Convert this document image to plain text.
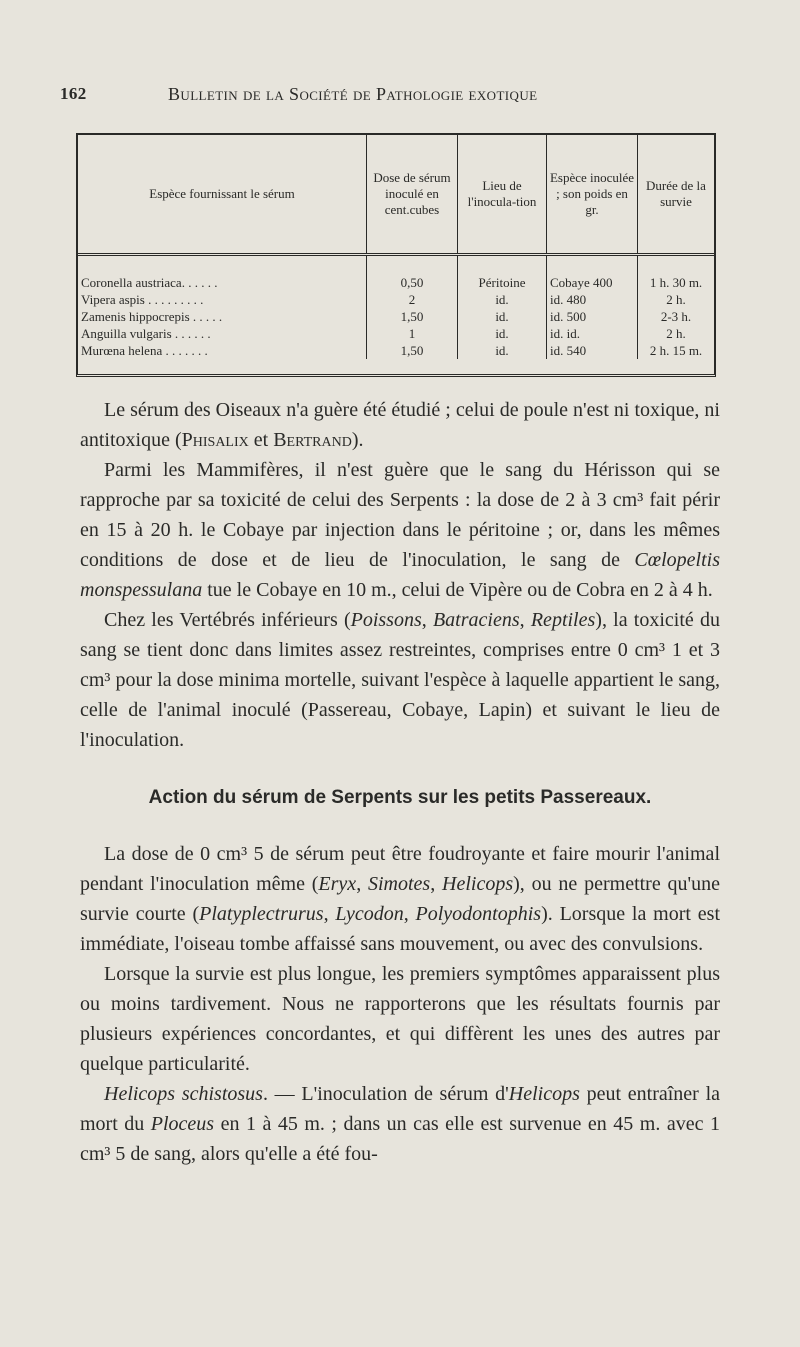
162	Bulletin de la Société de Pathologie exotique
Espèce fournissant le sérum	Dose de sérum inoculé en cent.cubes	Lieu de l'inocula-tion	Espèce inoculée ; son poids en gr.	Durée de la survie
Coronella austriaca. . . . . .	0,50	Péritoine	Cobaye 400	1 h. 30 m.
Vipera aspis . . . . . . . . .	2	id.	id. 480	2 h.
Zamenis hippocrepis . . . . .	1,50	id.	id. 500	2-3 h.
Anguilla vulgaris . . . . . .	1	id.	id. id.	2 h.
Murœna helena . . . . . . .	1,50	id.	id. 540	2 h. 15 m.

Le sérum des Oiseaux n'a guère été étudié ; celui de poule n'est ni toxique, ni antitoxique (Phisalix et Bertrand).

Parmi les Mammifères, il n'est guère que le sang du Hérisson qui se rapproche par sa toxicité de celui des Serpents : la dose de 2 à 3 cm³ fait périr en 15 à 20 h. le Cobaye par injection dans le péritoine ; or, dans les mêmes conditions de dose et de lieu de l'inoculation, le sang de Cœlopeltis monspessulana tue le Cobaye en 10 m., celui de Vipère ou de Cobra en 2 à 4 h.

Chez les Vertébrés inférieurs (Poissons, Batraciens, Reptiles), la toxicité du sang se tient donc dans limites assez restreintes, comprises entre 0 cm³ 1 et 3 cm³ pour la dose minima mortelle, suivant l'espèce à laquelle appartient le sang, celle de l'animal inoculé (Passereau, Cobaye, Lapin) et suivant le lieu de l'inoculation.

Action du sérum de Serpents sur les petits Passereaux.

La dose de 0 cm³ 5 de sérum peut être foudroyante et faire mourir l'animal pendant l'inoculation même (Eryx, Simotes, Helicops), ou ne permettre qu'une survie courte (Platyplectrurus, Lycodon, Polyodontophis). Lorsque la mort est immédiate, l'oiseau tombe affaissé sans mouvement, ou avec des convulsions.

Lorsque la survie est plus longue, les premiers symptômes apparaissent plus ou moins tardivement. Nous ne rapporterons que les résultats fournis par plusieurs expériences concordantes, et qui diffèrent les unes des autres par quelque particularité.

Helicops schistosus. — L'inoculation de sérum d'Helicops peut entraîner la mort du Ploceus en 1 à 45 m. ; dans un cas elle est survenue en 45 m. avec 1 cm³ 5 de sang, alors qu'elle a été fou-
